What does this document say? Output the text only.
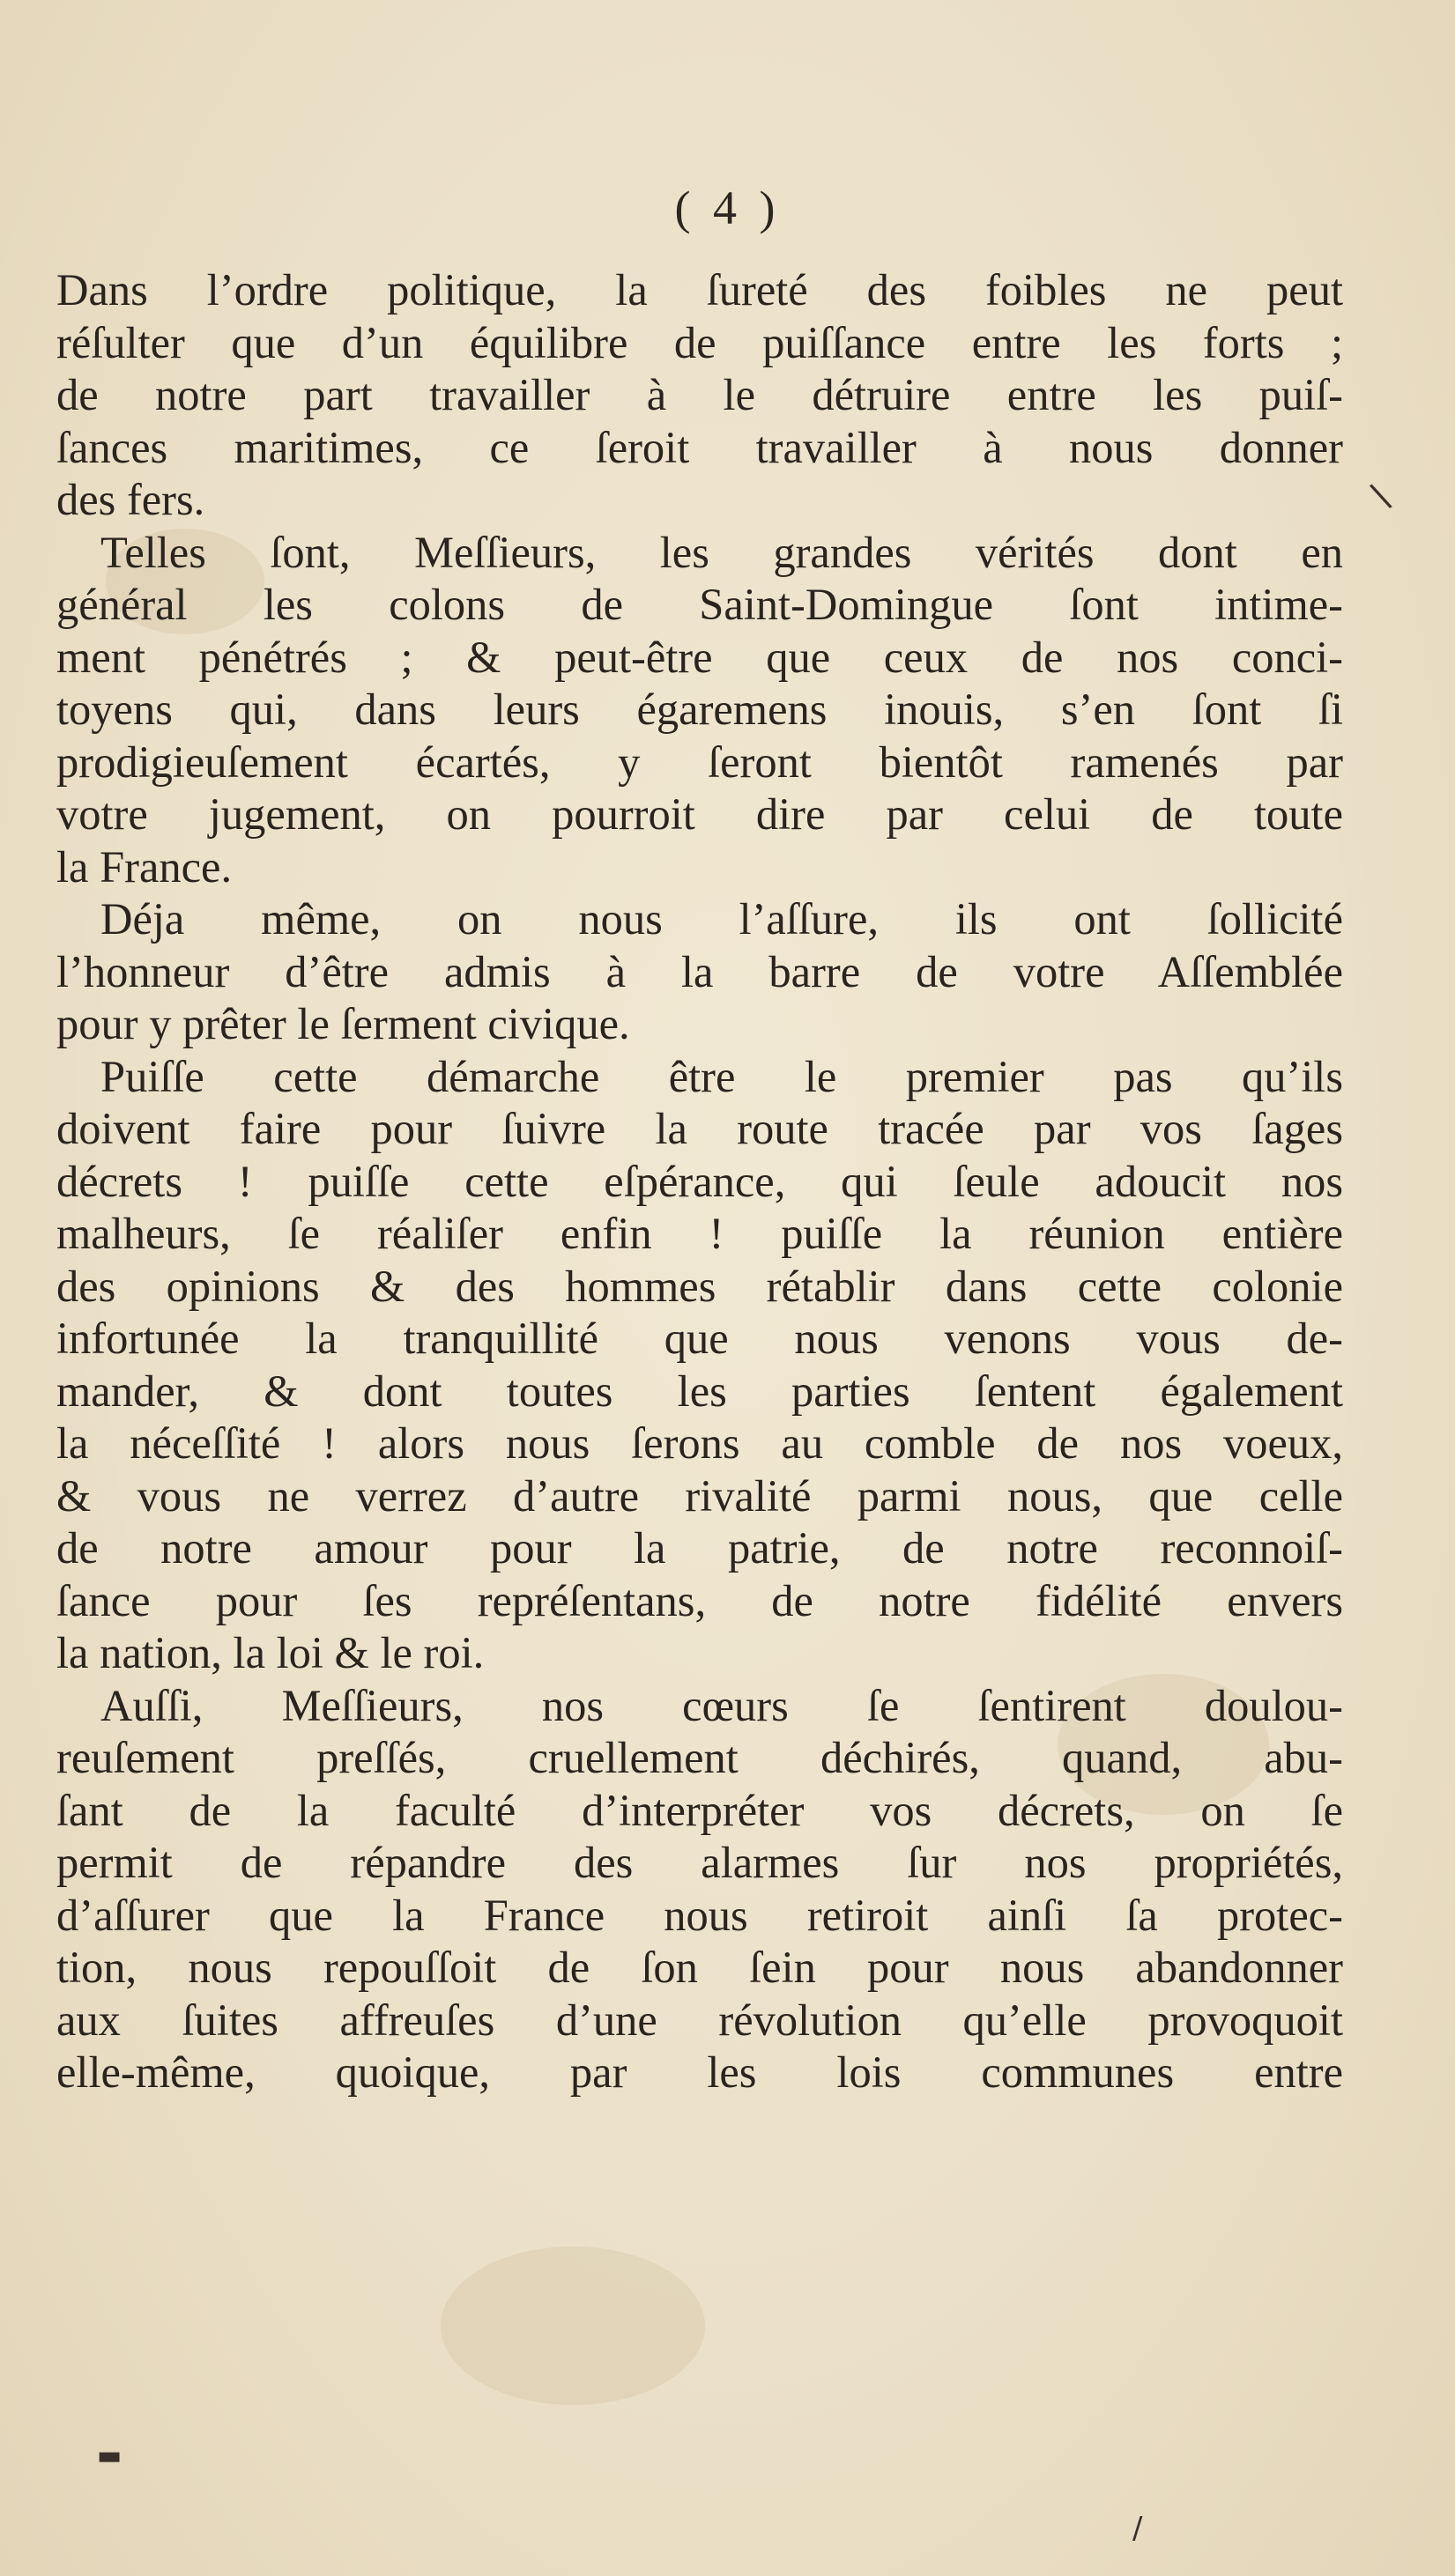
( 4 )
Dans l’ordre politique, la ſureté des foibles ne peut
réſulter que d’un équilibre de puiſſance entre les forts ;
de notre part travailler à le détruire entre les puiſ-
ſances maritimes, ce ſeroit travailler à nous donner
des fers.
Telles ſont, Meſſieurs, les grandes vérités dont en
général les colons de Saint-Domingue ſont intime-
ment pénétrés ; & peut-être que ceux de nos conci-
toyens qui, dans leurs égaremens inouis, s’en ſont ſi
prodigieuſement écartés, y ſeront bientôt ramenés par
votre jugement, on pourroit dire par celui de toute
la France.
Déja même, on nous l’aſſure, ils ont ſollicité
l’honneur d’être admis à la barre de votre Aſſemblée
pour y prêter le ſerment civique.
Puiſſe cette démarche être le premier pas qu’ils
doivent faire pour ſuivre la route tracée par vos ſages
décrets ! puiſſe cette eſpérance, qui ſeule adoucit nos
malheurs, ſe réaliſer enfin ! puiſſe la réunion entière
des opinions & des hommes rétablir dans cette colonie
infortunée la tranquillité que nous venons vous de-
mander, & dont toutes les parties ſentent également
la néceſſité ! alors nous ſerons au comble de nos voeux,
& vous ne verrez d’autre rivalité parmi nous, que celle
de notre amour pour la patrie, de notre reconnoiſ-
ſance pour ſes repréſentans, de notre fidélité envers
la nation, la loi & le roi.
Auſſi, Meſſieurs, nos cœurs ſe ſentirent doulou-
reuſement preſſés, cruellement déchirés, quand, abu-
ſant de la faculté d’interpréter vos décrets, on ſe
permit de répandre des alarmes ſur nos propriétés,
d’aſſurer que la France nous retiroit ainſi ſa protec-
tion, nous repouſſoit de ſon ſein pour nous abandonner
aux ſuites affreuſes d’une révolution qu’elle provoquoit
elle-même, quoique, par les lois communes entre
\
▬
/
